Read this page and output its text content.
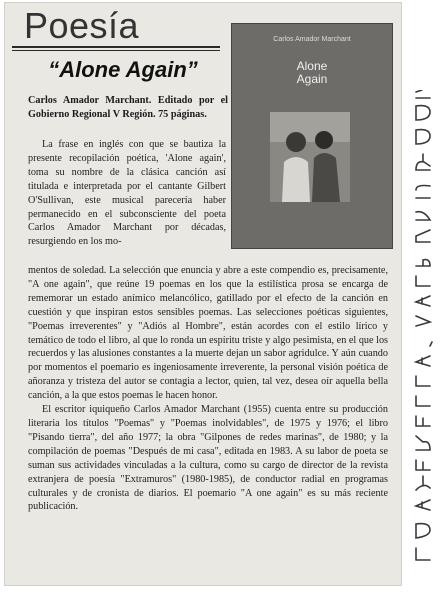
Poesía
“Alone Again”
Carlos Amador Marchant. Editado por el Gobierno Regional V Región. 75 páginas.
Carlos Amador Marchant
Alone
Again

La frase en inglés con que se bautiza la presente recopilación poética, 'Alone again', toma su nombre de la clásica canción así titulada e interpretada por el cantante Gilbert O'Sullivan, este musical parecería haber permanecido en el subconsciente del poeta Carlos Amador Marchant por décadas, resurgiendo en los mo-

mentos de soledad. La selección que enuncia y abre a este compendio es, precisamente, "A one again", que reúne 19 poemas en los que la estilística prosa se encarga de rememorar un estado anímico melancólico, gatillado por el efecto de la canción en cuestión y que inspiran estos sensibles poemas. Las selecciones poéticas siguientes, "Poemas irreverentes" y "Adiós al Hombre", están acordes con el estilo lírico y temático de todo el libro, al que lo ronda un espíritu triste y algo pesimista, en el que los recuerdos y las alusiones constantes a la muerte dejan un sabor agridulce. Y aún cuando por momentos el poemario es ingeniosamente irreverente, la personal visión poética de añoranza y tristeza del autor se contagia a lector, quien, tal vez, desea oír aquella bella canción, a la que estos poemas le hacen honor.

El escritor iquiqueño Carlos Amador Marchant (1955) cuenta entre su producción literaria los títulos "Poemas" y "Poemas inolvidables", de 1975 y 1976; el libro "Pisando tierra", del año 1977; la obra "Gilpones de redes marinas", de 1980; y la compilación de poemas "Después de mi casa", editada en 1983. A su labor de poeta se suman sus actividades vinculadas a la cultura, como su cargo de director de la revista extranjera de poesía "Extramuros" (1980-1985), de conductor radial en programas culturales y de cronista de diarios. El poemario "A one again" es su más reciente publicación.
